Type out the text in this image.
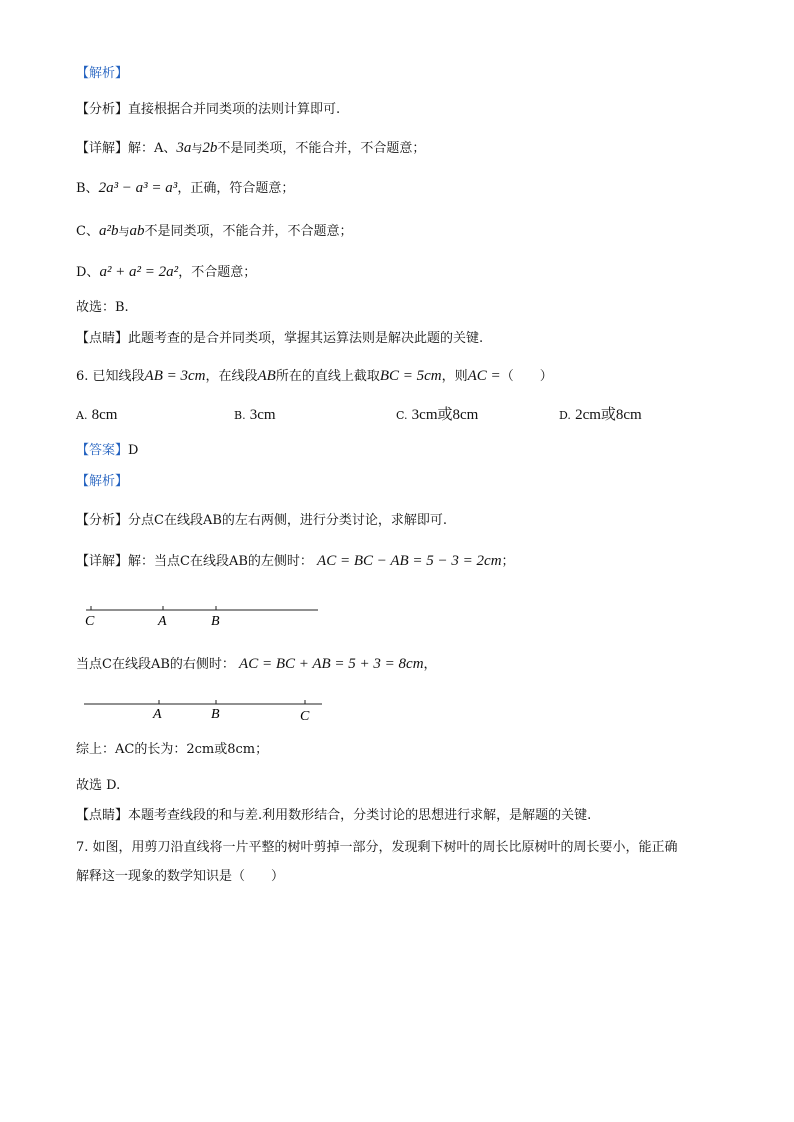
【解析】
【分析】直接根据合并同类项的法则计算即可.
【详解】解：A、3a与2b不是同类项，不能合并，不合题意；
B、2a³ − a³ = a³，正确，符合题意；
C、a²b与ab不是同类项，不能合并，不合题意；
D、a² + a² = 2a²，不合题意；
故选：B.
【点睛】此题考查的是合并同类项，掌握其运算法则是解决此题的关键.
6. 已知线段AB = 3cm，在线段AB所在的直线上截取BC = 5cm，则AC =（　　）
A. 8cm	B. 3cm	C. 3cm或8cm	D. 2cm或8cm
【答案】D
【解析】
【分析】分点C在线段AB的左右两侧，进行分类讨论，求解即可.
【详解】解：当点C在线段AB的左侧时： AC = BC − AB = 5 − 3 = 2cm；
C	A	B
A	B	C
当点C在线段AB的右侧时： AC = BC + AB = 5 + 3 = 8cm，
综上：AC的长为：2cm或8cm；
故选 D.
【点睛】本题考查线段的和与差.利用数形结合，分类讨论的思想进行求解，是解题的关键.
7. 如图，用剪刀沿直线将一片平整的树叶剪掉一部分，发现剩下树叶的周长比原树叶的周长要小，能正确
解释这一现象的数学知识是（　　）
